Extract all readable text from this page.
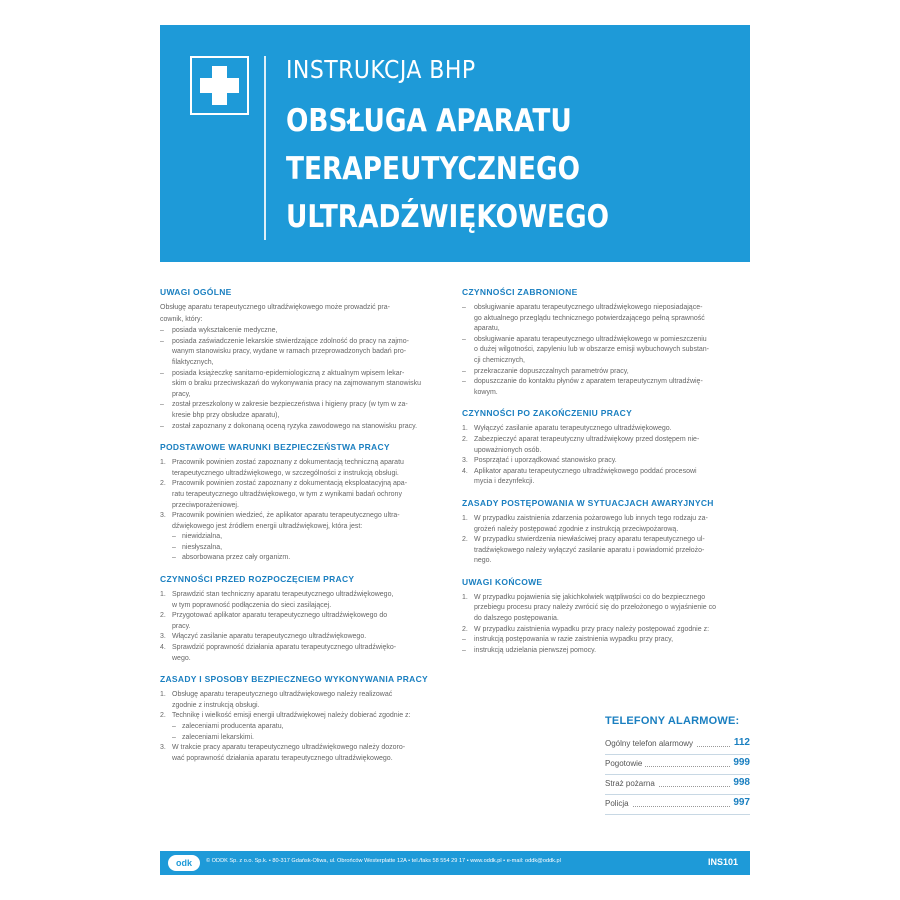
INSTRUKCJA BHP
OBSŁUGA APARATU
TERAPEUTYCZNEGO
ULTRADŹWIĘKOWEGO
UWAGI OGÓLNE

Obsługę aparatu terapeutycznego ultradźwiękowego może prowadzić pra-

cownik, który:

– posiada wykształcenie medyczne,
– posiada zaświadczenie lekarskie stwierdzające zdolność do pracy na zajmo-
wanym stanowisku pracy, wydane w ramach przeprowadzonych badań pro-
filaktycznych,
– posiada książeczkę sanitarno-epidemiologiczną z aktualnym wpisem lekar-
skim o braku przeciwskazań do wykonywania pracy na zajmowanym stanowisku
pracy,
– został przeszkolony w zakresie bezpieczeństwa i higieny pracy (w tym w za-
kresie bhp przy obsłudze aparatu),
– został zapoznany z dokonaną oceną ryzyka zawodowego na stanowisku pracy.
PODSTAWOWE WARUNKI BEZPIECZEŃSTWA PRACY
1. Pracownik powinien zostać zapoznany z dokumentacją techniczną aparatu
terapeutycznego ultradźwiękowego, w szczególności z instrukcją obsługi.
2. Pracownik powinien zostać zapoznany z dokumentacją eksploatacyjną apa-
ratu terapeutycznego ultradźwiękowego, w tym z wynikami badań ochrony
przeciwporażeniowej.
3. Pracownik powinien wiedzieć, że aplikator aparatu terapeutycznego ultra-
dźwiękowego jest źródłem energii ultradźwiękowej, która jest:
– niewidzialna,
– niesłyszalna,
– absorbowana przez cały organizm.
CZYNNOŚCI PRZED ROZPOCZĘCIEM PRACY
1. Sprawdzić stan techniczny aparatu terapeutycznego ultradźwiękowego,
w tym poprawność podłączenia do sieci zasilającej.
2. Przygotować aplikator aparatu terapeutycznego ultradźwiękowego do
pracy.
3. Włączyć zasilanie aparatu terapeutycznego ultradźwiękowego.
4. Sprawdzić poprawność działania aparatu terapeutycznego ultradźwięko-
wego.
ZASADY I SPOSOBY BEZPIECZNEGO WYKONYWANIA PRACY
1. Obsługę aparatu terapeutycznego ultradźwiękowego należy realizować
zgodnie z instrukcją obsługi.
2. Technikę i wielkość emisji energii ultradźwiękowej należy dobierać zgodnie z:
– zaleceniami producenta aparatu,
– zaleceniami lekarskimi.
3. W trakcie pracy aparatu terapeutycznego ultradźwiękowego należy dozoro-
wać poprawność działania aparatu terapeutycznego ultradźwiękowego.
CZYNNOŚCI ZABRONIONE
– obsługiwanie aparatu terapeutycznego ultradźwiękowego nieposiadające-
go aktualnego przeglądu technicznego potwierdzającego pełną sprawność
aparatu,
– obsługiwanie aparatu terapeutycznego ultradźwiękowego w pomieszczeniu
o dużej wilgotności, zapyleniu lub w obszarze emisji wybuchowych substan-
cji chemicznych,
– przekraczanie dopuszczalnych parametrów pracy,
– dopuszczanie do kontaktu płynów z aparatem terapeutycznym ultradźwię-
kowym.
CZYNNOŚCI PO ZAKOŃCZENIU PRACY
1. Wyłączyć zasilanie aparatu terapeutycznego ultradźwiękowego.
2. Zabezpieczyć aparat terapeutyczny ultradźwiękowy przed dostępem nie-
upoważnionych osób.
3. Posprzątać i uporządkować stanowisko pracy.
4. Aplikator aparatu terapeutycznego ultradźwiękowego poddać procesowi
mycia i dezynfekcji.
ZASADY POSTĘPOWANIA W SYTUACJACH AWARYJNYCH
1. W przypadku zaistnienia zdarzenia pożarowego lub innych tego rodzaju za-
grożeń należy postępować zgodnie z instrukcją przeciwpożarową.
2. W przypadku stwierdzenia niewłaściwej pracy aparatu terapeutycznego ul-
tradźwiękowego należy wyłączyć zasilanie aparatu i powiadomić przełożo-
nego.
UWAGI KOŃCOWE
1. W przypadku pojawienia się jakichkolwiek wątpliwości co do bezpiecznego
przebiegu procesu pracy należy zwrócić się do przełożonego o wyjaśnienie co
do dalszego postępowania.
2. W przypadku zaistnienia wypadku przy pracy należy postępować zgodnie z:
– instrukcją postępowania w razie zaistnienia wypadku przy pracy,
– instrukcją udzielania pierwszej pomocy.
TELEFONY ALARMOWE:
Ogólny telefon alarmowy	112
Pogotowie	999
Straż pożarna	998
Policja	997
odk	© ODDK Sp. z o.o. Sp.k. • 80-317 Gdańsk-Oliwa, ul. Obrońców Westerplatte 12A • tel./faks 58 554 29 17 • www.oddk.pl • e-mail: oddk@oddk.pl	INS101
